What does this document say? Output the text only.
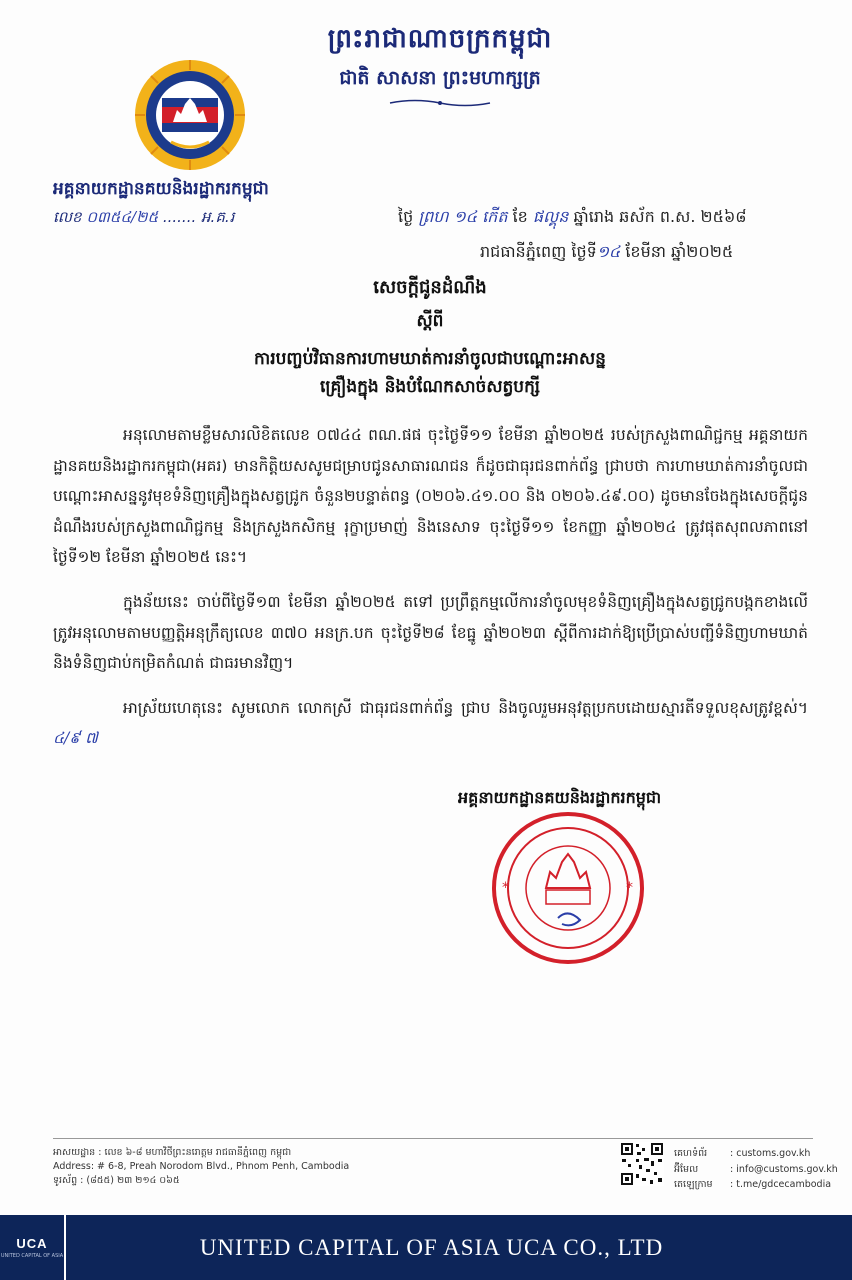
ព្រះរាជាណាចក្រកម្ពុជា
ជាតិ សាសនា ព្រះមហាក្សត្រ
អគ្គនាយកដ្ឋានគយនិងរដ្ឋាករកម្ពុជា
លេខ ០៣៥៤/២៥ ....... អ.គ.រ	ថ្ងៃ ព្រហ ១៤ កើត ខែ ផល្គុន ឆ្នាំរោង ឆស័ក ព.ស. ២៥៦៨
រាជធានីភ្នំពេញ ថ្ងៃទី១៤ ខែមីនា ឆ្នាំ២០២៥
សេចក្ដីជូនដំណឹង
ស្ដីពី
ការបញ្ចប់វិធានការហាមឃាត់ការនាំចូលជាបណ្ដោះអាសន្ន
គ្រឿងក្នុង និងបំណែកសាច់សត្វបក្សី

អនុលោមតាមខ្លឹមសារលិខិតលេខ ០៧៤៤ ពណ.ផផ ចុះថ្ងៃទី១១ ខែមីនា ឆ្នាំ២០២៥ របស់ក្រសួងពាណិជ្ជកម្ម អគ្គនាយកដ្ឋានគយនិងរដ្ឋាករកម្ពុជា(អគរ) មានកិត្តិយសសូមជម្រាបជូនសាធារណជន ក៏ដូចជាធុរជនពាក់ព័ន្ធ ជ្រាបថា ការហាមឃាត់ការនាំចូលជាបណ្ដោះអាសន្ននូវមុខទំនិញគ្រឿងក្នុងសត្វជ្រូក ចំនួន២បន្ទាត់ពន្ធ (០២០៦.៤១.០០ និង ០២០៦.៤៩.០០) ដូចមានចែងក្នុងសេចក្ដីជូនដំណឹងរបស់ក្រសួងពាណិជ្ជកម្ម និងក្រសួងកសិកម្ម រុក្ខាប្រមាញ់ និងនេសាទ ចុះថ្ងៃទី១១ ខែកញ្ញា ឆ្នាំ២០២៤ ត្រូវផុតសុពលភាពនៅថ្ងៃទី១២ ខែមីនា ឆ្នាំ២០២៥ នេះ។

ក្នុងន័យនេះ ចាប់ពីថ្ងៃទី១៣ ខែមីនា ឆ្នាំ២០២៥ តទៅ ប្រព្រឹត្តកម្មលើការនាំចូលមុខទំនិញគ្រឿងក្នុងសត្វជ្រូកបង្កកខាងលើ ត្រូវអនុលោមតាមបញ្ញត្តិអនុក្រឹត្យលេខ ៣៧០ អនក្រ.បក ចុះថ្ងៃទី២៨ ខែធ្នូ ឆ្នាំ២០២៣ ស្ដីពីការដាក់ឱ្យប្រើប្រាស់បញ្ជីទំនិញហាមឃាត់ និងទំនិញជាប់កម្រិតកំណត់ ជាធរមានវិញ។

អាស្រ័យហេតុនេះ សូមលោក លោកស្រី ជាធុរជនពាក់ព័ន្ធ ជ្រាប និងចូលរួមអនុវត្តប្រកបដោយស្មារតីទទួលខុសត្រូវខ្ពស់។ ៤/៩ ៧

អគ្គនាយកដ្ឋានគយនិងរដ្ឋាករកម្ពុជា
*	*
អាសយដ្ឋាន : លេខ ៦-៨ មហាវិថីព្រះនរោត្ដម រាជធានីភ្នំពេញ កម្ពុជា
Address: # 6-8, Preah Norodom Blvd., Phnom Penh, Cambodia
ទូរស័ព្ទ : (៨៥៥) ២៣ ២១៤ ០៦៥
គេហទំព័រ	: customs.gov.kh
អ៊ីមែល	: info@customs.gov.kh
តេឡេក្រាម	: t.me/gdcecambodia
UCA
UNITED CAPITAL OF ASIA	UNITED CAPITAL OF ASIA UCA CO., LTD
